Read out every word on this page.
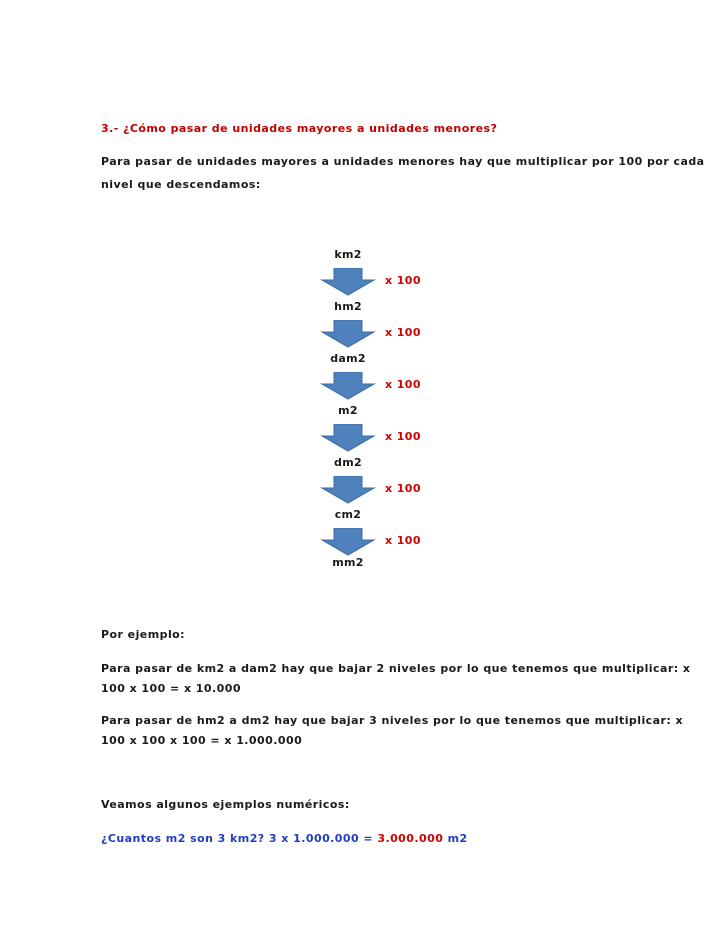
3.- ¿Cómo pasar de unidades mayores a unidades menores?
Para pasar de unidades mayores a unidades menores hay que multiplicar por 100 por cada
nivel que descendamos:
km2
x 100
hm2
x 100
dam2
x 100
m2
x 100
dm2
x 100
cm2
x 100
mm2
Por ejemplo:
Para pasar de km2 a dam2 hay que bajar 2 niveles por lo que tenemos que multiplicar: x
100 x 100 = x 10.000
Para pasar de hm2 a dm2 hay que bajar 3 niveles por lo que tenemos que multiplicar: x
100 x 100 x 100 = x 1.000.000
Veamos algunos ejemplos numéricos:
¿Cuantos m2 son 3 km2? 3 x 1.000.000 = 3.000.000 m2
